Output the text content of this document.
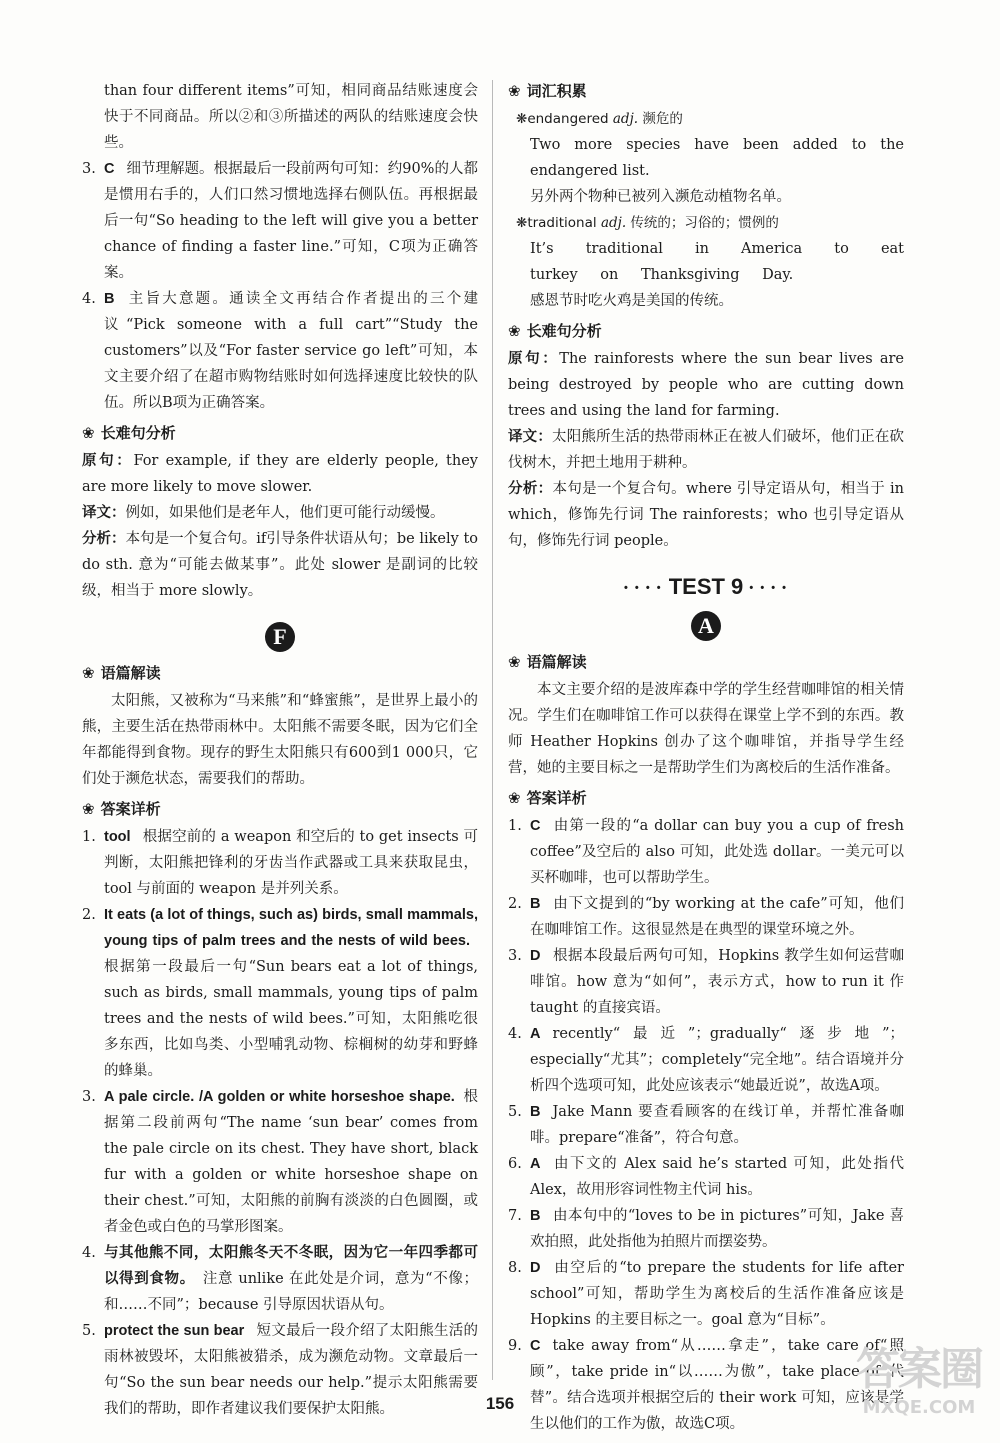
than four different items”可知，相同商品结账速度会快于不同商品。所以②和③所描述的两队的结账速度会快些。

3. C 细节理解题。根据最后一段前两句可知：约90%的人都是惯用右手的，人们口然习惯地选择右侧队伍。再根据最后一句“So heading to the left will give you a better chance of finding a faster line.”可知，C项为正确答案。
4. B 主旨大意题。通读全文再结合作者提出的三个建议“Pick someone with a full cart”“Study the customers”以及“For faster service go left”可知，本文主要介绍了在超市购物结账时如何选择速度比较快的队伍。所以B项为正确答案。
❀ 长难句分析

原句：For example, if they are elderly people, they are more likely to move slower.

译文：例如，如果他们是老年人，他们更可能行动缓慢。

分析：本句是一个复合句。if引导条件状语从句；be likely to do sth. 意为“可能去做某事”。此处 slower 是副词的比较级，相当于 more slowly。

F
❀ 语篇解读

太阳熊，又被称为“马来熊”和“蜂蜜熊”，是世界上最小的熊，主要生活在热带雨林中。太阳熊不需要冬眠，因为它们全年都能得到食物。现存的野生太阳熊只有600到1 000只，它们处于濒危状态，需要我们的帮助。

❀ 答案详析
1. tool 根据空前的 a weapon 和空后的 to get insects 可判断，太阳熊把锋利的牙齿当作武器或工具来获取昆虫，tool 与前面的 weapon 是并列关系。
2. It eats (a lot of things, such as) birds, small mammals, young tips of palm trees and the nests of wild bees.根据第一段最后一句“Sun bears eat a lot of things, such as birds, small mammals, young tips of palm trees and the nests of wild bees.”可知，太阳熊吃很多东西，比如鸟类、小型哺乳动物、棕榈树的幼芽和野蜂的蜂巢。
3. A pale circle. /A golden or white horseshoe shape. 根据第二段前两句“The name ‘sun bear’ comes from the pale circle on its chest. They have short, black fur with a golden or white horseshoe shape on their chest.”可知，太阳熊的前胸有淡淡的白色圆圈，或者金色或白色的马掌形图案。
4. 与其他熊不同，太阳熊冬天不冬眠，因为它一年四季都可以得到食物。 注意 unlike 在此处是介词，意为“不像；和……不同”；because 引导原因状语从句。
5. protect the sun bear 短文最后一段介绍了太阳熊生活的雨林被毁坏，太阳熊被猎杀，成为濒危动物。文章最后一句“So the sun bear needs our help.”提示太阳熊需要我们的帮助，即作者建议我们要保护太阳熊。
❀ 词汇积累
❋endangered adj. 濒危的
Two more species have been added to the endangered list.
另外两个物种已被列入濒危动植物名单。
❋traditional adj. 传统的；习俗的；惯例的
It’s traditional in America to eat turkey on Thanksgiving Day.
感恩节时吃火鸡是美国的传统。
❀ 长难句分析

原句：The rainforests where the sun bear lives are being destroyed by people who are cutting down trees and using the land for farming.

译文：太阳熊所生活的热带雨林正在被人们破坏，他们正在砍伐树木，并把土地用于耕种。

分析：本句是一个复合句。where 引导定语从句，相当于 in which，修饰先行词 The rainforests；who 也引导定语从句，修饰先行词 people。

• • • • TEST 9 • • • •
A
❀ 语篇解读

本文主要介绍的是波库森中学的学生经营咖啡馆的相关情况。学生们在咖啡馆工作可以获得在课堂上学不到的东西。教师 Heather Hopkins 创办了这个咖啡馆，并指导学生经营，她的主要目标之一是帮助学生们为离校后的生活作准备。

❀ 答案详析
1. C 由第一段的“a dollar can buy you a cup of fresh coffee”及空后的 also 可知，此处选 dollar。一美元可以买杯咖啡，也可以帮助学生。
2. B 由下文提到的“by working at the cafe”可知，他们在咖啡馆工作。这很显然是在典型的课堂环境之外。
3. D 根据本段最后两句可知，Hopkins 教学生如何运营咖啡馆。how 意为“如何”，表示方式，how to run it 作 taught 的直接宾语。
4. A recently“最近”；gradually“逐步地”；especially“尤其”；completely“完全地”。结合语境并分析四个选项可知，此处应该表示“她最近说”，故选A项。
5. B Jake Mann 要查看顾客的在线订单，并帮忙准备咖啡。prepare“准备”，符合句意。
6. A 由下文的 Alex said he’s started 可知，此处指代 Alex，故用形容词性物主代词 his。
7. B 由本句中的“loves to be in pictures”可知，Jake 喜欢拍照，此处指他为拍照片而摆姿势。
8. D 由空后的“to prepare the students for life after school”可知，帮助学生为离校后的生活作准备应该是 Hopkins 的主要目标之一。goal 意为“目标”。
9. C take away from“从……拿走”，take care of“照顾”，take pride in“以……为傲”，take place of“代替”。结合选项并根据空后的 their work 可知，应该是学生以他们的工作为傲，故选C项。
156
答案圈
MXQE.COM
